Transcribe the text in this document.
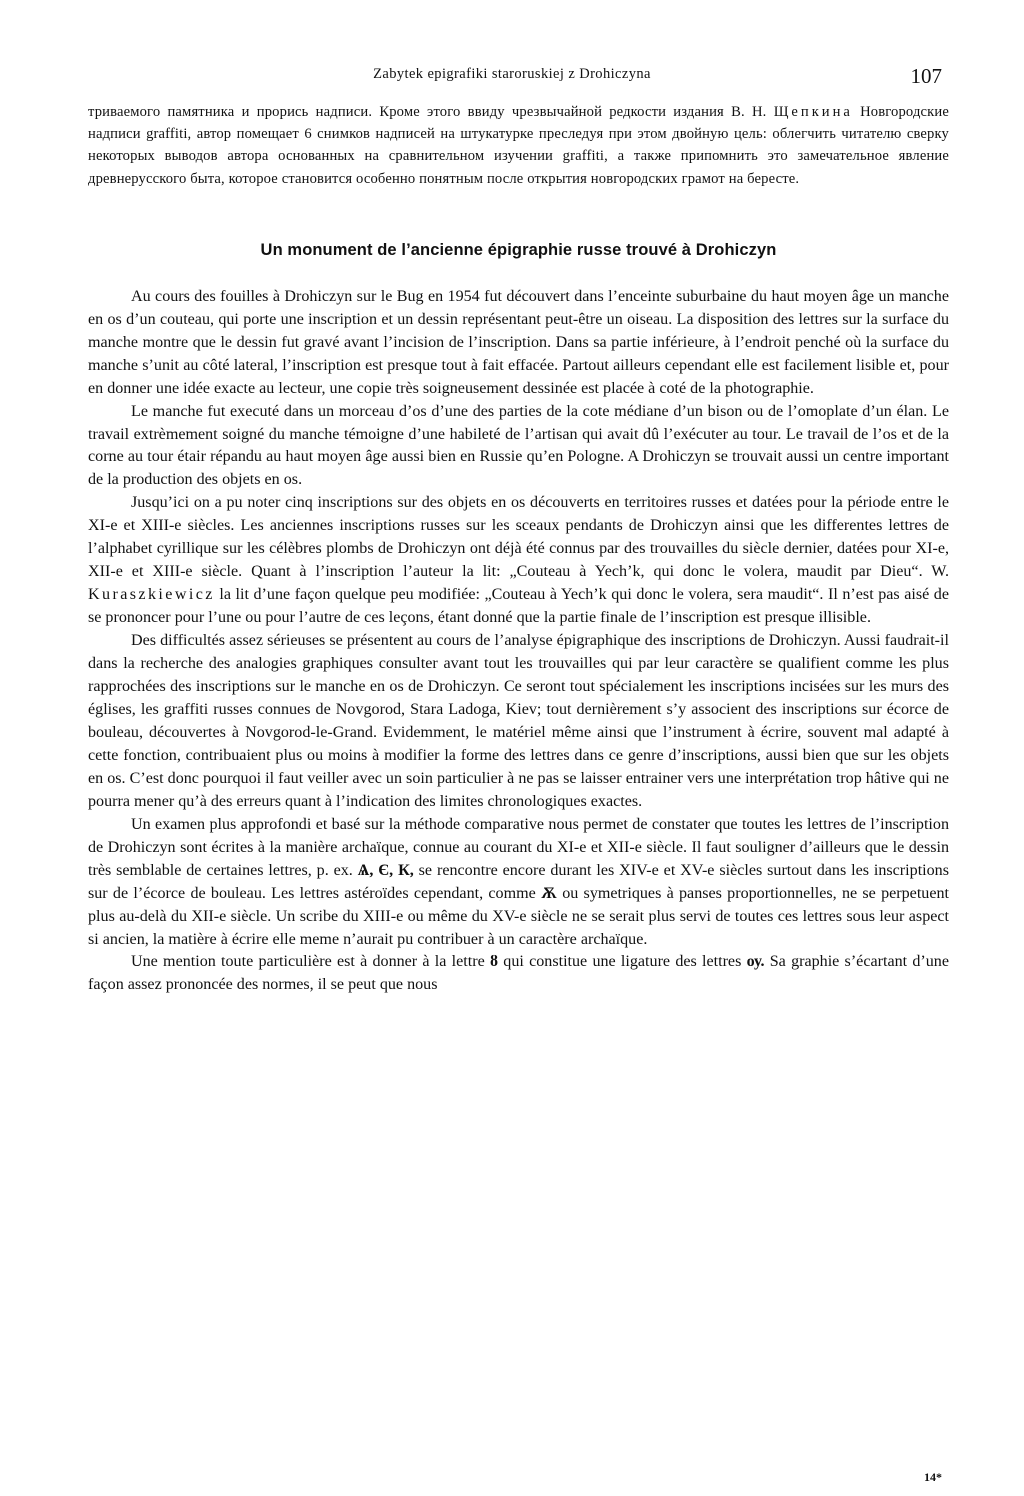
Zabytek epigrafiki staroruskiej z Drohiczyna	107

триваемого памятника и прорись надписи. Кроме этого ввиду чрезвычайной редкости издания В. Н. Щепкина Новгородские надписи graffiti, автор помещает 6 снимков надписей на штукатурке преследуя при этом двойную цель: облегчить читателю сверку некоторых выводов автора основанных на сравнительном изучении graffiti, а также припомнить это замечательное явление древнерусского быта, которое становится особенно понятным после открытия новгородских грамот на бересте.

Un monument de l’ancienne épigraphie russe trouvé à Drohiczyn

Au cours des fouilles à Drohiczyn sur le Bug en 1954 fut découvert dans l’enceinte suburbaine du haut moyen âge un manche en os d’un couteau, qui porte une inscription et un dessin représentant peut-être un oiseau. La disposition des lettres sur la surface du manche montre que le dessin fut gravé avant l’incision de l’inscription. Dans sa partie inférieure, à l’endroit penché où la surface du manche s’unit au côté lateral, l’inscription est presque tout à fait effacée. Partout ailleurs cependant elle est facilement lisible et, pour en donner une idée exacte au lecteur, une copie très soigneusement dessinée est placée à coté de la photographie.

Le manche fut executé dans un morceau d’os d’une des parties de la cote médiane d’un bison ou de l’omoplate d’un élan. Le travail extrèmement soigné du manche témoigne d’une habileté de l’artisan qui avait dû l’exécuter au tour. Le travail de l’os et de la corne au tour étair répandu au haut moyen âge aussi bien en Russie qu’en Pologne. A Drohiczyn se trouvait aussi un centre important de la production des objets en os.

Jusqu’ici on a pu noter cinq inscriptions sur des objets en os découverts en territoires russes et datées pour la période entre le XI-e et XIII-e siècles. Les anciennes inscriptions russes sur les sceaux pendants de Drohiczyn ainsi que les differentes lettres de l’alphabet cyrillique sur les célèbres plombs de Drohiczyn ont déjà été connus par des trouvailles du siècle dernier, datées pour XI-e, XII-e et XIII-e siècle. Quant à l’inscription l’auteur la lit: „Couteau à Yech’k, qui donc le volera, maudit par Dieu“. W. Kuraszkiewicz la lit d’une façon quelque peu modifiée: „Couteau à Yech’k qui donc le volera, sera maudit“. Il n’est pas aisé de se prononcer pour l’une ou pour l’autre de ces leçons, étant donné que la partie finale de l’inscription est presque illisible.

Des difficultés assez sérieuses se présentent au cours de l’analyse épigraphique des inscriptions de Drohiczyn. Aussi faudrait-il dans la recherche des analogies graphiques consulter avant tout les trouvailles qui par leur caractère se qualifient comme les plus rapprochées des inscriptions sur le manche en os de Drohiczyn. Ce seront tout spécialement les inscriptions incisées sur les murs des églises, les graffiti russes connues de Novgorod, Stara Ladoga, Kiev; tout dernièrement s’y associent des inscriptions sur écorce de bouleau, découvertes à Novgorod-le-Grand. Evidemment, le matériel même ainsi que l’instrument à écrire, souvent mal adapté à cette fonction, contribuaient plus ou moins à modifier la forme des lettres dans ce genre d’inscriptions, aussi bien que sur les objets en os. C’est donc pourquoi il faut veiller avec un soin particulier à ne pas se laisser entrainer vers une interprétation trop hâtive qui ne pourra mener qu’à des erreurs quant à l’indication des limites chronologiques exactes.

Un examen plus approfondi et basé sur la méthode comparative nous permet de constater que toutes les lettres de l’inscription de Drohiczyn sont écrites à la manière archaïque, connue au courant du XI-e et XII-e siècle. Il faut souligner d’ailleurs que le dessin très semblable de certaines lettres, p. ex. Ѧ, Є, К, se rencontre encore durant les XIV-e et XV-e siècles surtout dans les inscriptions sur de l’écorce de bouleau. Les lettres astéroïdes cependant, comme Ѫ ou symetriques à panses proportionnelles, ne se perpetuent plus au-delà du XII-e siècle. Un scribe du XIII-e ou même du XV-e siècle ne se serait plus servi de toutes ces lettres sous leur aspect si ancien, la matière à écrire elle meme n’aurait pu contribuer à un caractère archaïque.

Une mention toute particulière est à donner à la lettre ȣ qui constitue une ligature des lettres оу. Sa graphie s’écartant d’une façon assez prononcée des normes, il se peut que nous

14*
